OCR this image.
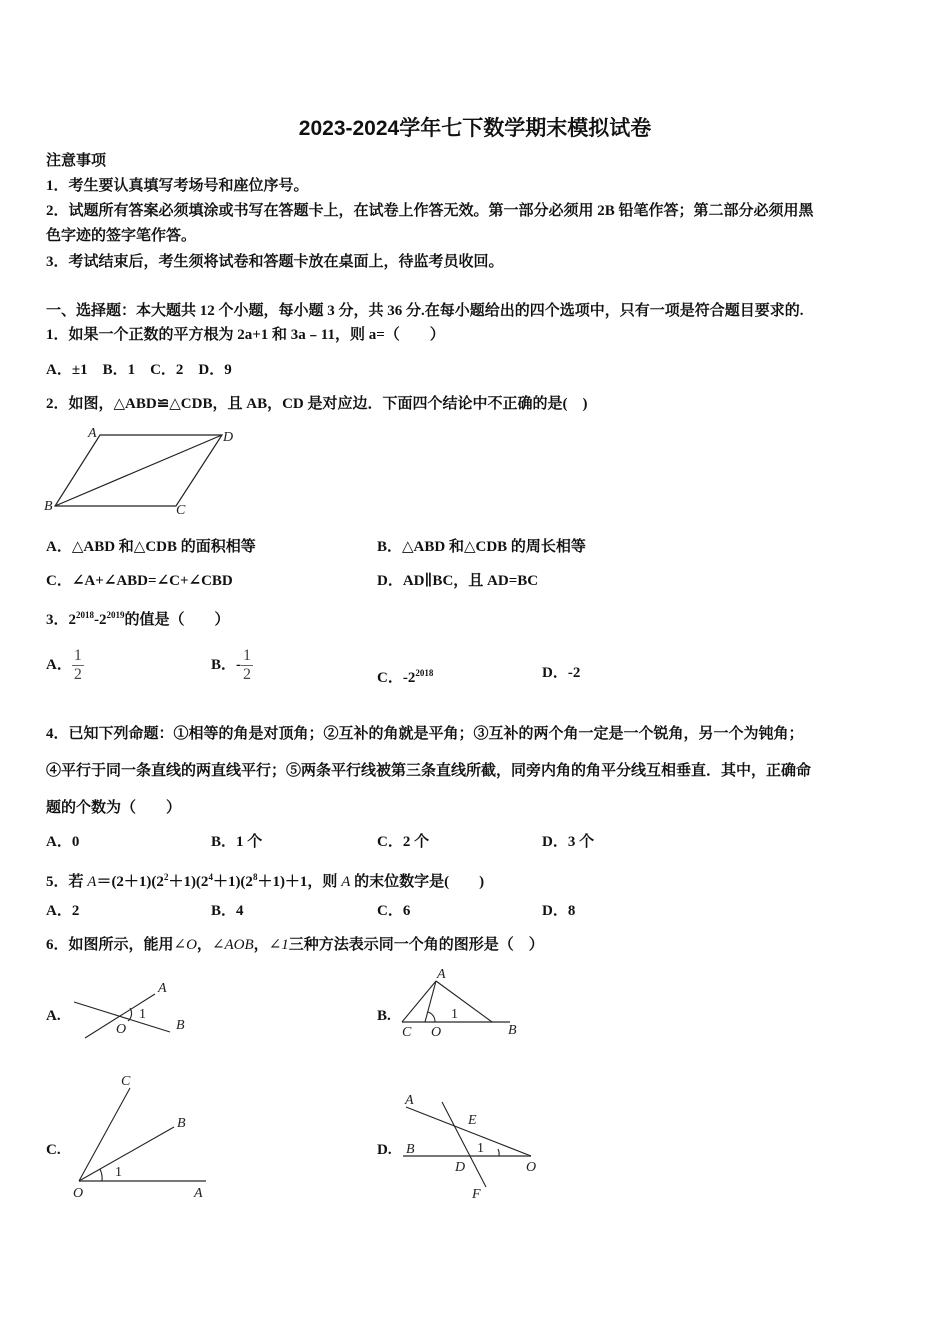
2023-2024学年七下数学期末模拟试卷
注意事项
1．考生要认真填写考场号和座位序号。
2．试题所有答案必须填涂或书写在答题卡上，在试卷上作答无效。第一部分必须用 2B 铅笔作答；第二部分必须用黑
色字迹的签字笔作答。
3．考试结束后，考生须将试卷和答题卡放在桌面上，待监考员收回。
一、选择题：本大题共 12 个小题，每小题 3 分，共 36 分.在每小题给出的四个选项中，只有一项是符合题目要求的.
1．如果一个正数的平方根为 2a+1 和 3a﹣11，则 a=（　　）
A．±1　B．1　C．2　D．9
2．如图，△ABD≌△CDB，且 AB，CD 是对应边．下面四个结论中不正确的是(　)
A	D
B	C
A．△ABD 和△CDB 的面积相等	B．△ABD 和△CDB 的周长相等
C．∠A+∠ABD=∠C+∠CBD	D．AD∥BC，且 AD=BC
3．$2^{2018}-2^{2019}$的值是（　　）
A． $\frac{1}{2}$	B．- $\frac{1}{2}$	C．$-2^{2018}$	D．-2
4．已知下列命题：①相等的角是对顶角；②互补的角就是平角；③互补的两个角一定是一个锐角，另一个为钝角；
④平行于同一条直线的两直线平行；⑤两条平行线被第三条直线所截，同旁内角的角平分线互相垂直．其中，正确命
题的个数为（　　）
A．0	B．1 个	C．2 个	D．3 个
5．若 $A=(2+1)(2^2+1)(2^4+1)(2^8+1)+1$，则 A 的末位数字是(　　)
A．2	B．4	C．6	D．8
6．如图所示，能用∠O，∠AOB，∠1三种方法表示同一个角的图形是（　）
A.	B.
C.	D.
A
O
1
B
A
1
C O	B
C
B
1
O	A
A
E
B	1
D	O
F
